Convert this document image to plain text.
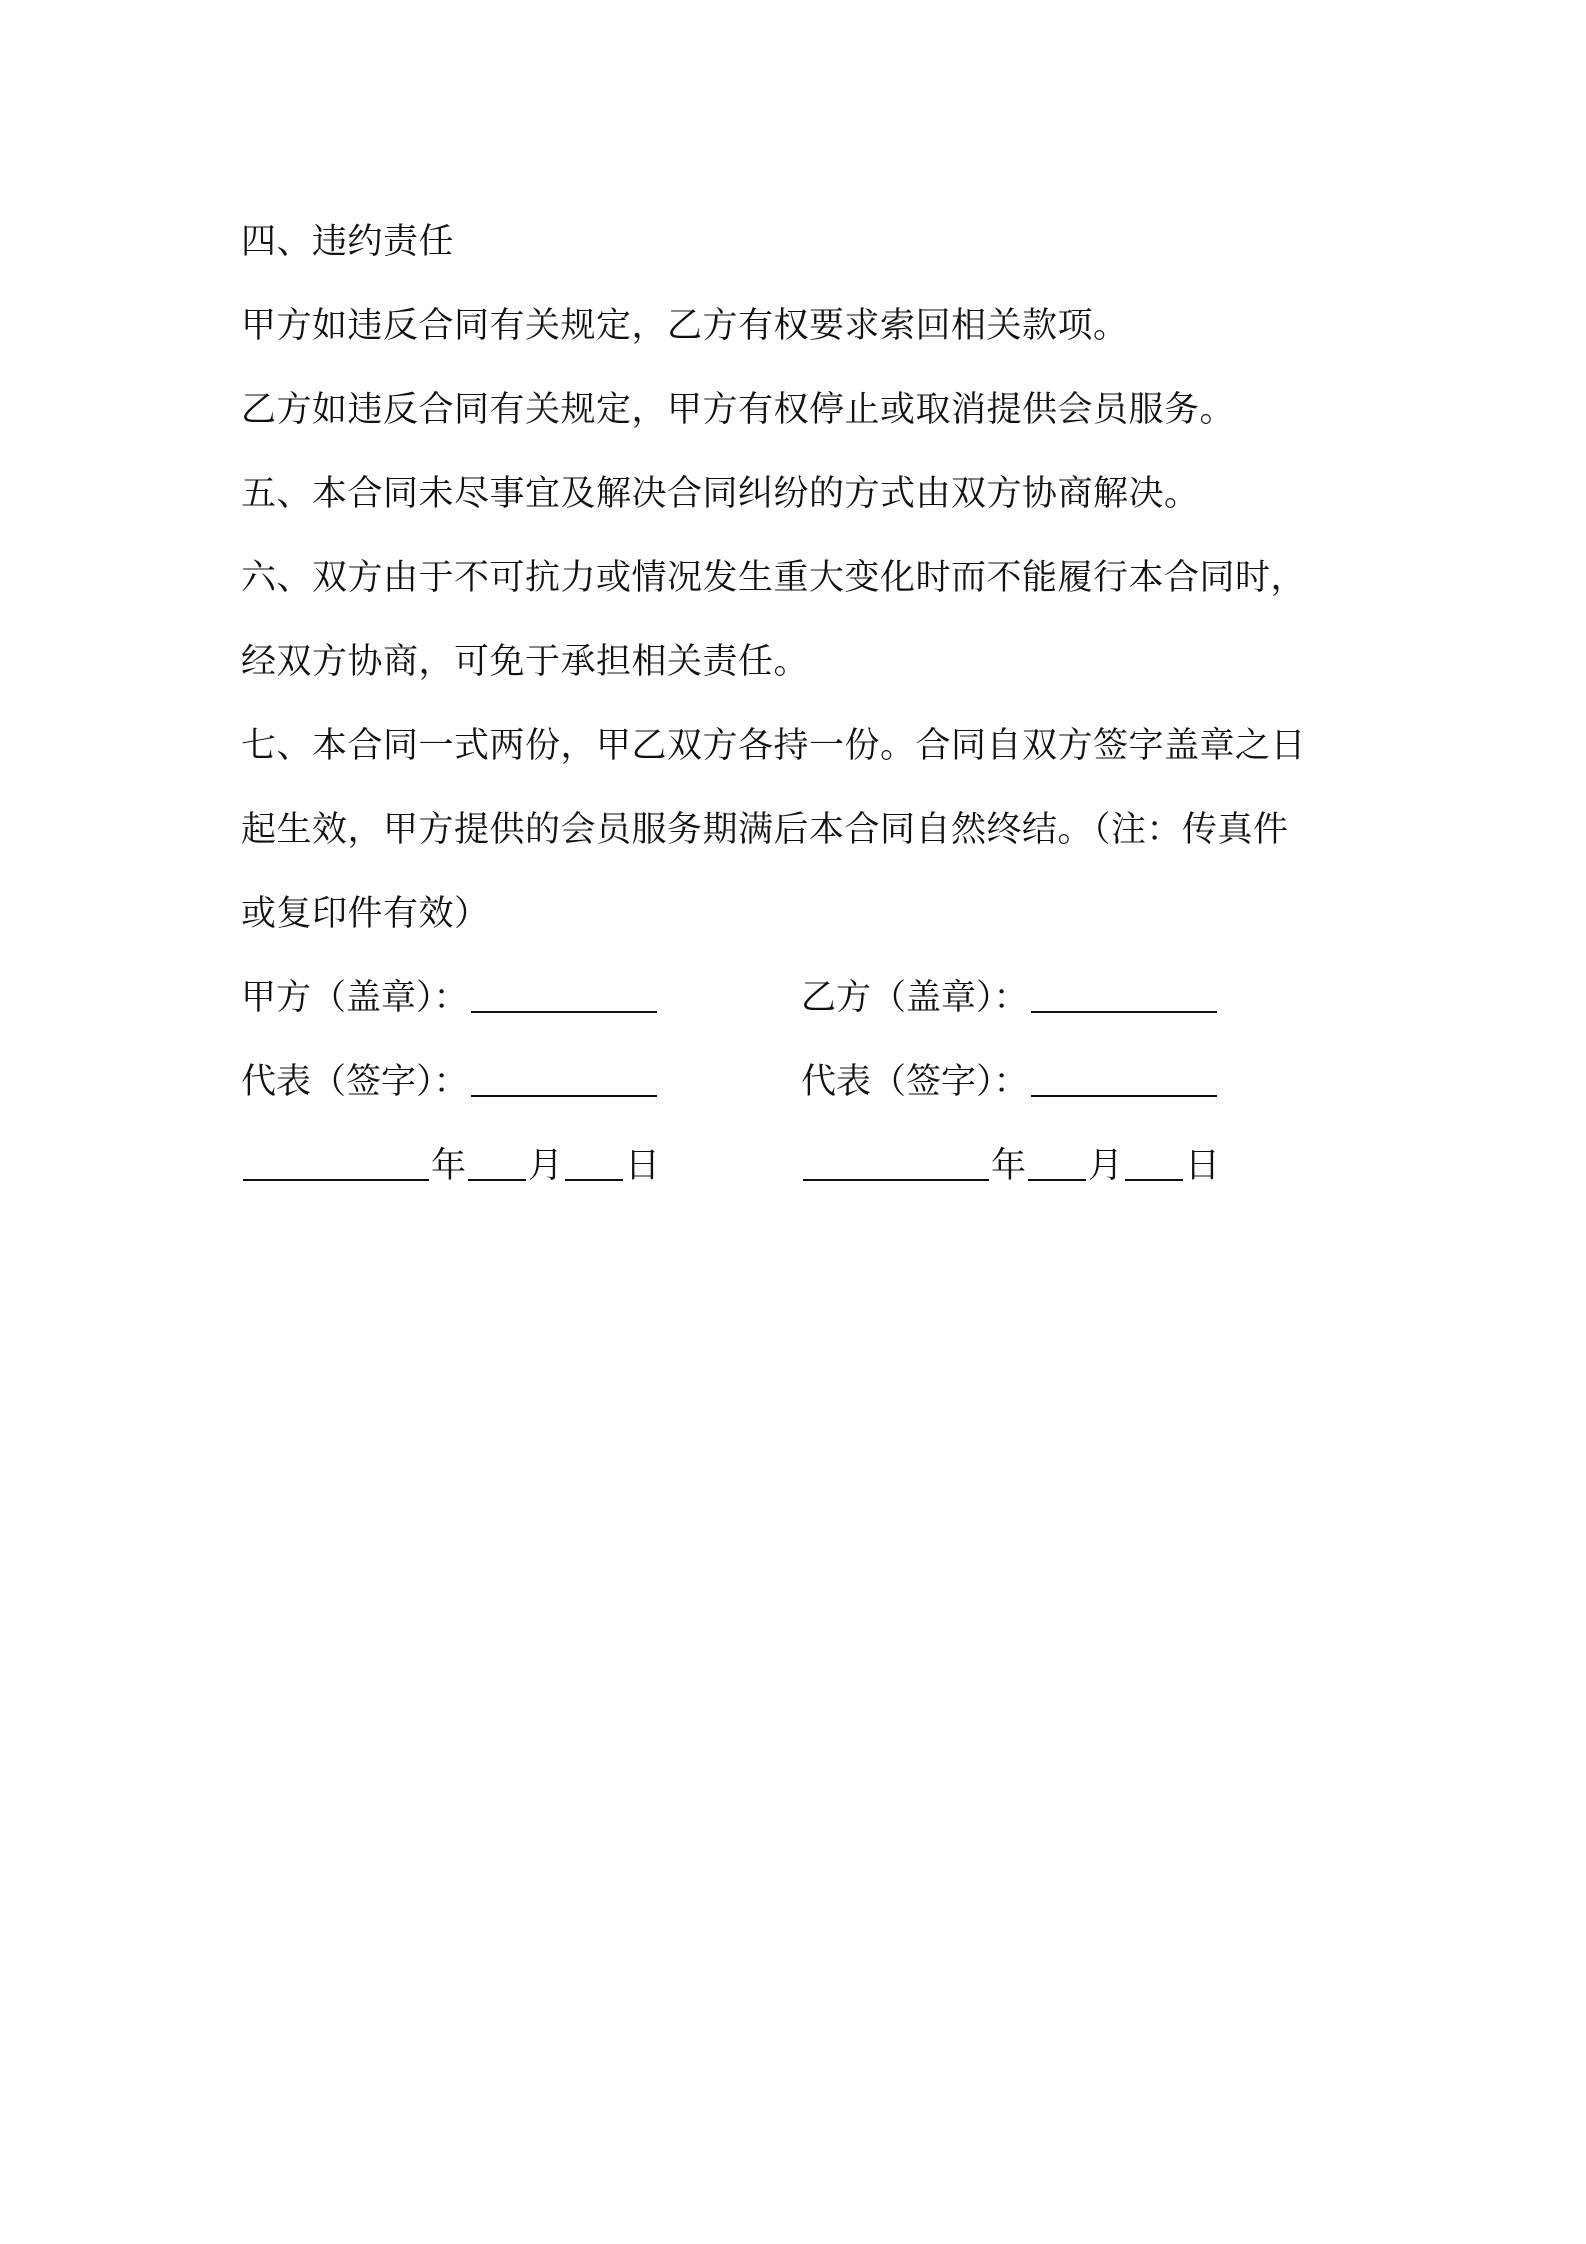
四、违约责任
甲方如违反合同有关规定，乙方有权要求索回相关款项。
乙方如违反合同有关规定，甲方有权停止或取消提供会员服务。
五、本合同未尽事宜及解决合同纠纷的方式由双方协商解决。
六、双方由于不可抗力或情况发生重大变化时而不能履行本合同时，
经双方协商，可免于承担相关责任。
七、本合同一式两份，甲乙双方各持一份。合同自双方签字盖章之日
起生效，甲方提供的会员服务期满后本合同自然终结。（注：传真件
或复印件有效）
甲方（盖章）：	乙方（盖章）：
代表（签字）：	代表（签字）：
年 月 日	年 月 日
